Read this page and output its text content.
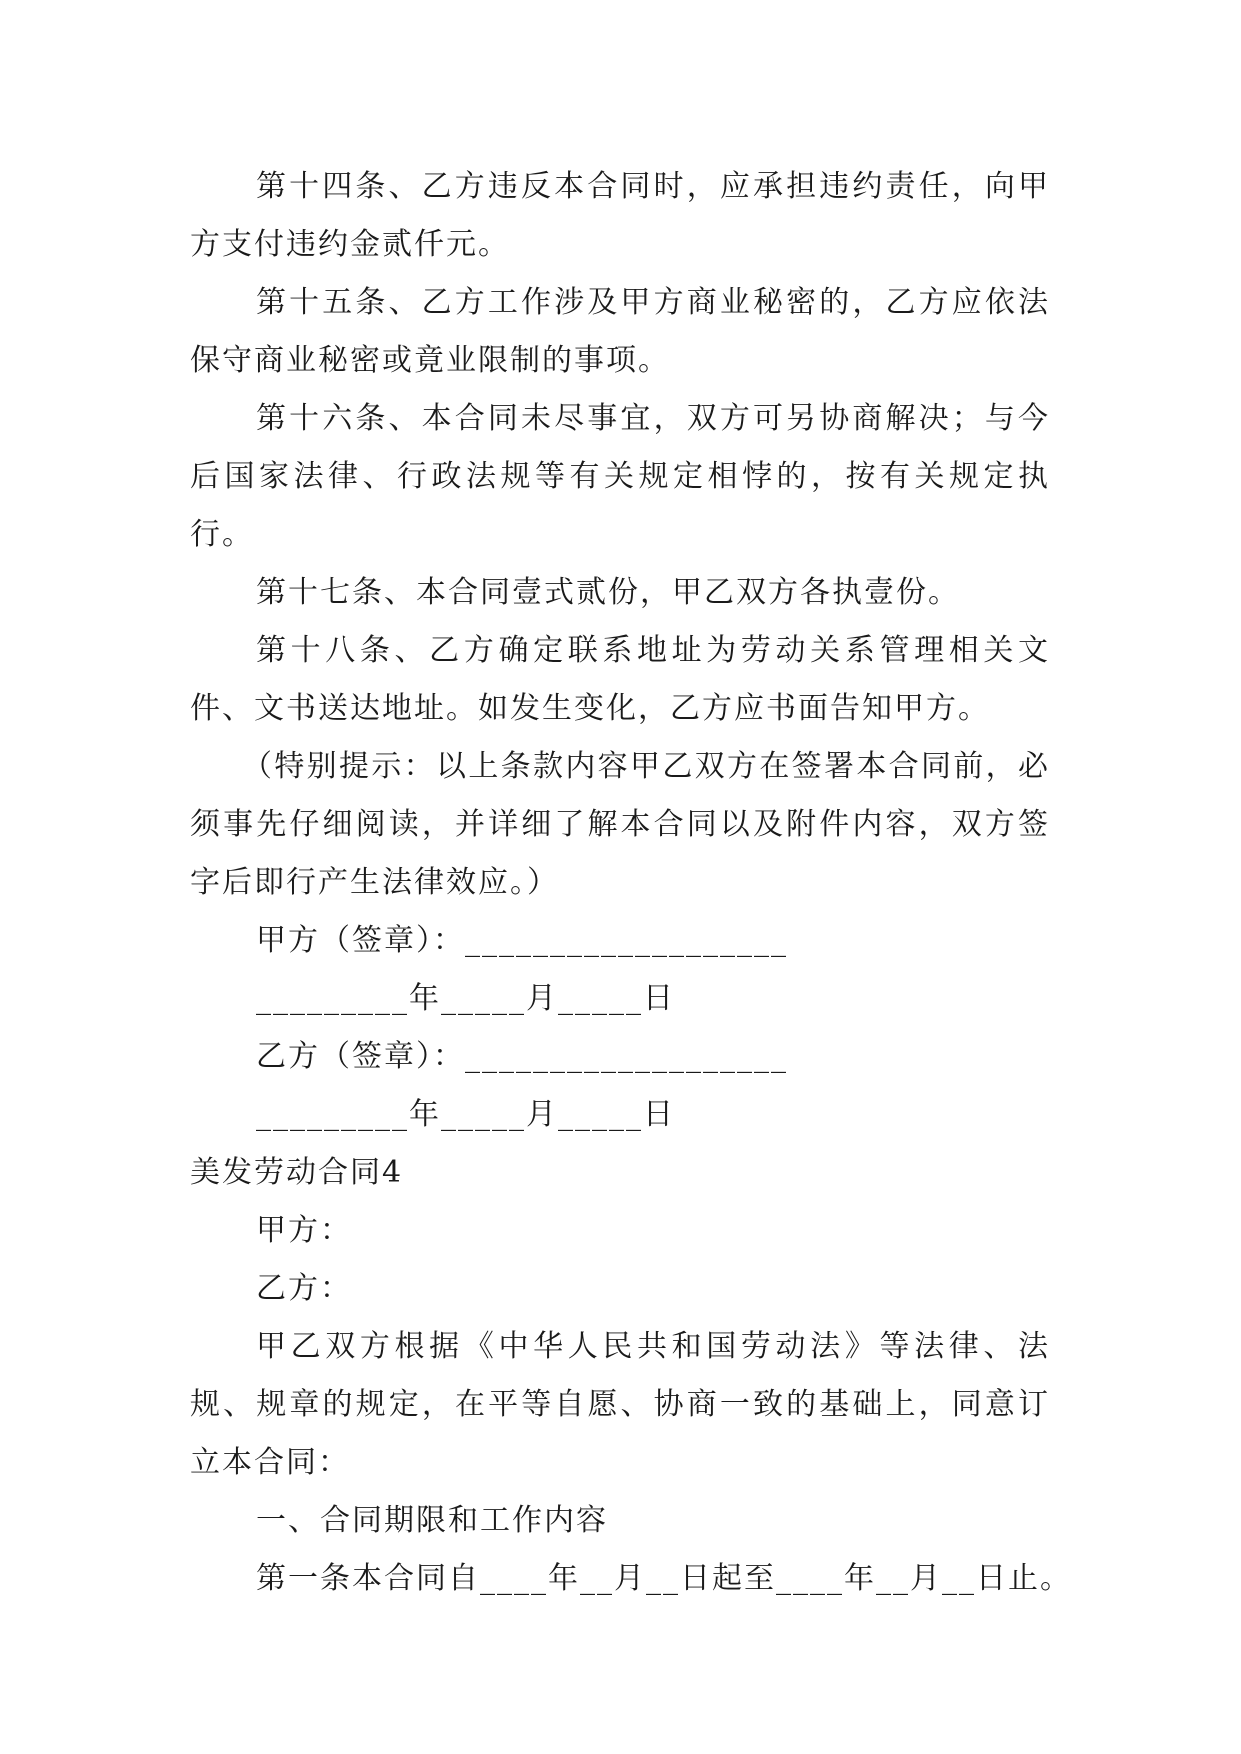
第十四条、乙方违反本合同时，应承担违约责任，向甲方支付违约金贰仟元。

第十五条、乙方工作涉及甲方商业秘密的，乙方应依法保守商业秘密或竟业限制的事项。

第十六条、本合同未尽事宜，双方可另协商解决；与今后国家法律、行政法规等有关规定相悖的，按有关规定执行。

第十七条、本合同壹式贰份，甲乙双方各执壹份。

第十八条、乙方确定联系地址为劳动关系管理相关文件、文书送达地址。如发生变化，乙方应书面告知甲方。

（特别提示：以上条款内容甲乙双方在签署本合同前，必须事先仔细阅读，并详细了解本合同以及附件内容，双方签字后即行产生法律效应。）

甲方（签章）：___________________

_________年_____月_____日

乙方（签章）：___________________

_________年_____月_____日

美发劳动合同4

甲方：

乙方：

甲乙双方根据《中华人民共和国劳动法》等法律、法规、规章的规定，在平等自愿、协商一致的基础上，同意订立本合同：

一、合同期限和工作内容

第一条本合同自____年__月__日起至____年__月__日止。
